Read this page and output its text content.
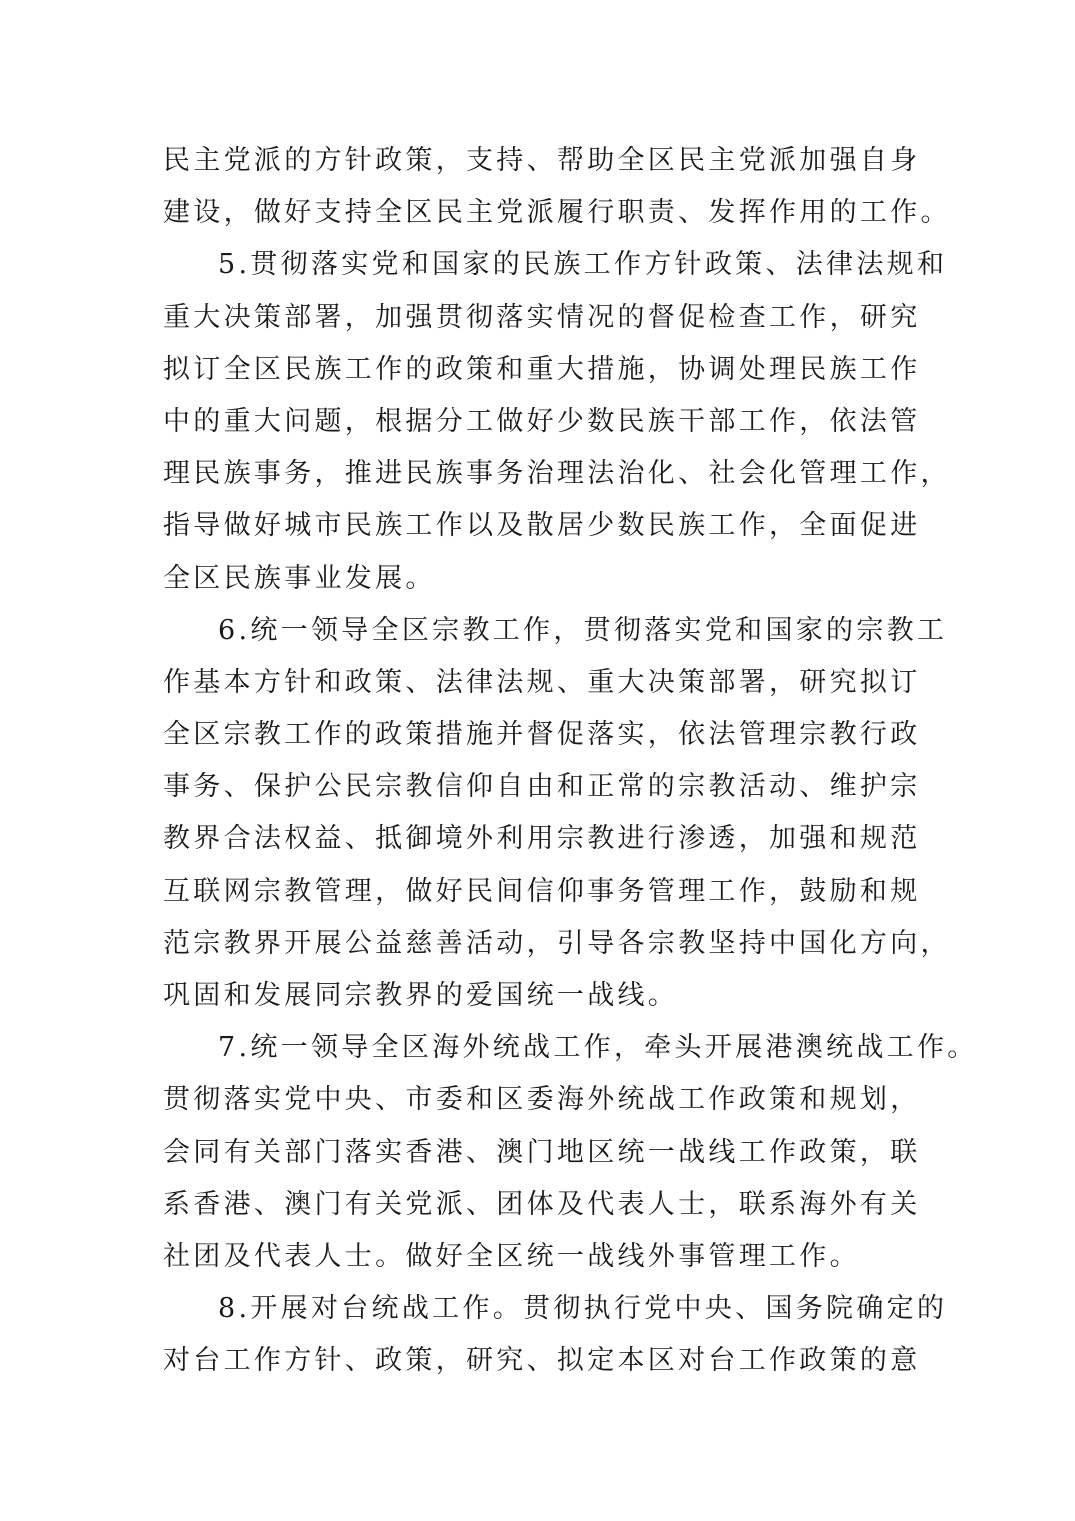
民主党派的方针政策，支持、帮助全区民主党派加强自身
建设，做好支持全区民主党派履行职责、发挥作用的工作。
5.贯彻落实党和国家的民族工作方针政策、法律法规和
重大决策部署，加强贯彻落实情况的督促检查工作，研究
拟订全区民族工作的政策和重大措施，协调处理民族工作
中的重大问题，根据分工做好少数民族干部工作，依法管
理民族事务，推进民族事务治理法治化、社会化管理工作，
指导做好城市民族工作以及散居少数民族工作，全面促进
全区民族事业发展。
6.统一领导全区宗教工作，贯彻落实党和国家的宗教工
作基本方针和政策、法律法规、重大决策部署，研究拟订
全区宗教工作的政策措施并督促落实，依法管理宗教行政
事务、保护公民宗教信仰自由和正常的宗教活动、维护宗
教界合法权益、抵御境外利用宗教进行渗透，加强和规范
互联网宗教管理，做好民间信仰事务管理工作，鼓励和规
范宗教界开展公益慈善活动，引导各宗教坚持中国化方向，
巩固和发展同宗教界的爱国统一战线。
7.统一领导全区海外统战工作，牵头开展港澳统战工作。
贯彻落实党中央、市委和区委海外统战工作政策和规划，
会同有关部门落实香港、澳门地区统一战线工作政策，联
系香港、澳门有关党派、团体及代表人士，联系海外有关
社团及代表人士。做好全区统一战线外事管理工作。
8.开展对台统战工作。贯彻执行党中央、国务院确定的
对台工作方针、政策，研究、拟定本区对台工作政策的意
